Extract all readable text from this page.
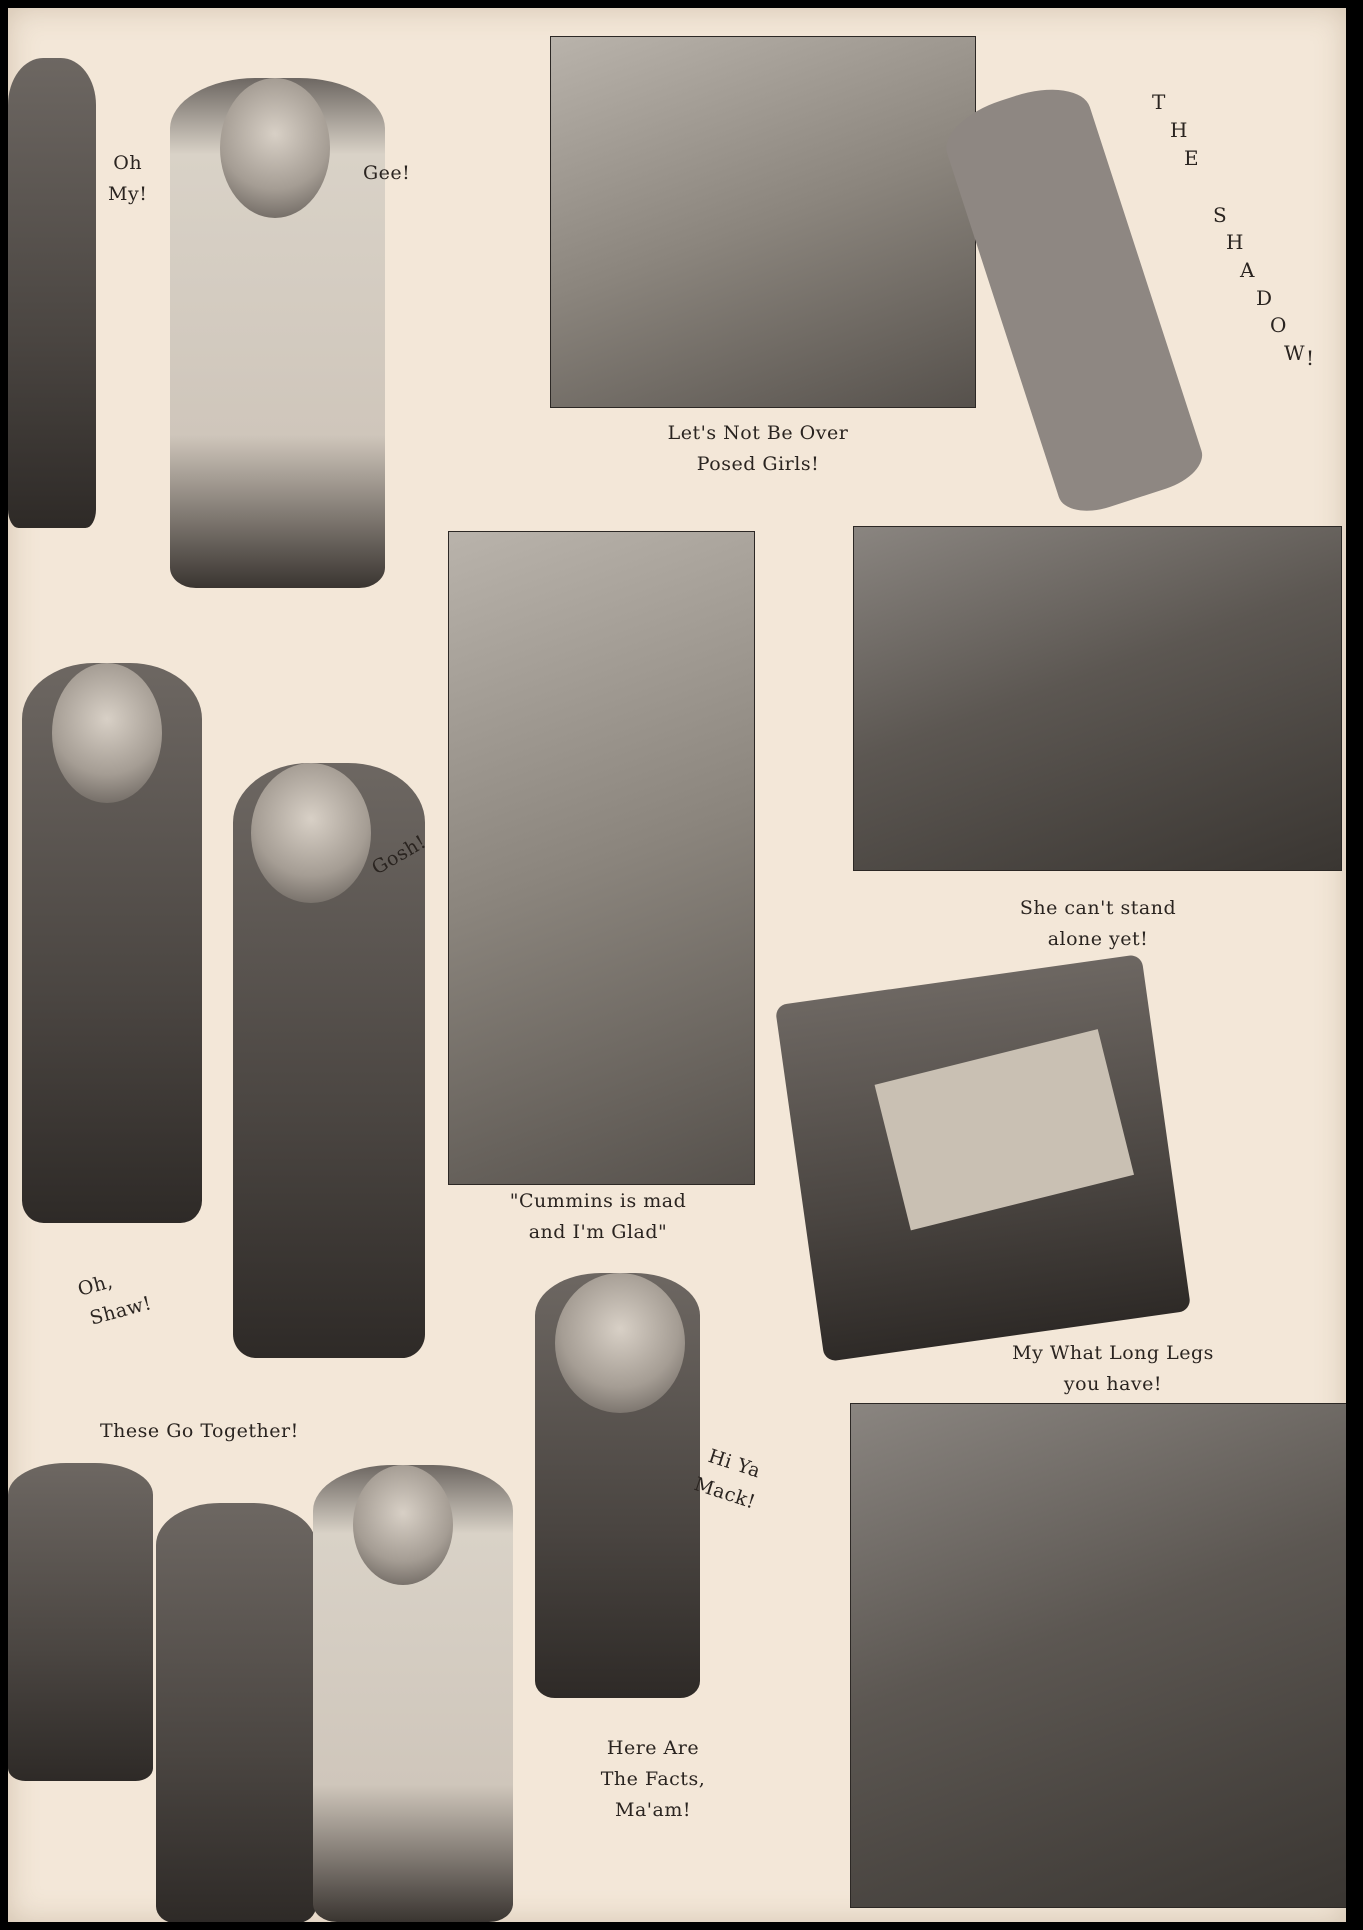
Oh
My!
Gee!
Let's Not Be Over
Posed Girls!
T
H
E
S
H
A
D
O
W !
Gosh!
Oh,
Shaw!
"Cummins is mad
and I'm Glad"
She can't stand
alone yet!
My What Long Legs
you have!
These Go Together!
Hi Ya
Mack!
Here Are
The Facts,
Ma'am!
